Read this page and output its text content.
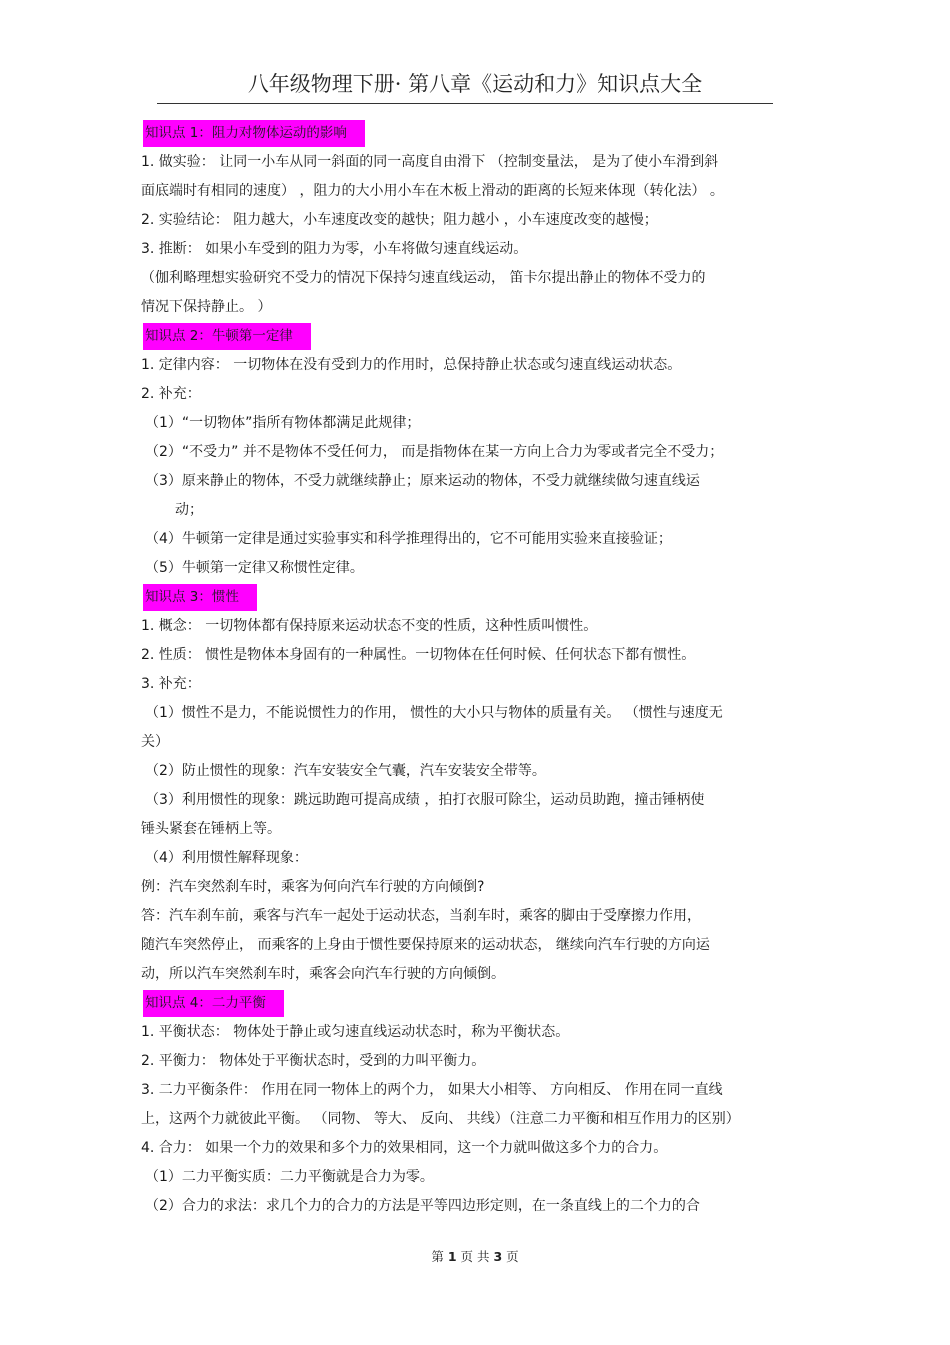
八年级物理下册· 第八章《运动和力》知识点大全
知识点 1：阻力对物体运动的影响
1. 做实验： 让同一小车从同一斜面的同一高度自由滑下 （控制变量法， 是为了使小车滑到斜
面底端时有相同的速度） ，阻力的大小用小车在木板上滑动的距离的长短来体现（转化法） 。
2. 实验结论： 阻力越大，小车速度改变的越快；阻力越小 ，小车速度改变的越慢；
3. 推断： 如果小车受到的阻力为零，小车将做匀速直线运动。
（伽利略理想实验研究不受力的情况下保持匀速直线运动， 笛卡尔提出静止的物体不受力的
情况下保持静止。 ）
知识点 2：牛顿第一定律
1. 定律内容： 一切物体在没有受到力的作用时，总保持静止状态或匀速直线运动状态。
2. 补充：
（1）“一切物体”指所有物体都满足此规律；
（2）“不受力” 并不是物体不受任何力， 而是指物体在某一方向上合力为零或者完全不受力；
（3）原来静止的物体，不受力就继续静止；原来运动的物体，不受力就继续做匀速直线运
动；
（4）牛顿第一定律是通过实验事实和科学推理得出的，它不可能用实验来直接验证；
（5）牛顿第一定律又称惯性定律。
知识点 3：惯性
1. 概念： 一切物体都有保持原来运动状态不变的性质，这种性质叫惯性。
2. 性质： 惯性是物体本身固有的一种属性。一切物体在任何时候、任何状态下都有惯性。
3. 补充：
（1）惯性不是力，不能说惯性力的作用， 惯性的大小只与物体的质量有关。 （惯性与速度无
关）
（2）防止惯性的现象：汽车安装安全气囊，汽车安装安全带等。
（3）利用惯性的现象：跳远助跑可提高成绩 ，拍打衣服可除尘，运动员助跑，撞击锤柄使
锤头紧套在锤柄上等。
（4）利用惯性解释现象：
例：汽车突然刹车时，乘客为何向汽车行驶的方向倾倒?
答：汽车刹车前，乘客与汽车一起处于运动状态，当刹车时，乘客的脚由于受摩擦力作用，
随汽车突然停止， 而乘客的上身由于惯性要保持原来的运动状态， 继续向汽车行驶的方向运
动，所以汽车突然刹车时，乘客会向汽车行驶的方向倾倒。
知识点 4：二力平衡
1. 平衡状态： 物体处于静止或匀速直线运动状态时，称为平衡状态。
2. 平衡力： 物体处于平衡状态时，受到的力叫平衡力。
3. 二力平衡条件： 作用在同一物体上的两个力， 如果大小相等、 方向相反、 作用在同一直线
上，这两个力就彼此平衡。 （同物、 等大、 反向、 共线）（注意二力平衡和相互作用力的区别）
4. 合力： 如果一个力的效果和多个力的效果相同，这一个力就叫做这多个力的合力。
（1）二力平衡实质：二力平衡就是合力为零。
（2）合力的求法：求几个力的合力的方法是平等四边形定则，在一条直线上的二个力的合
第 1 页 共 3 页
